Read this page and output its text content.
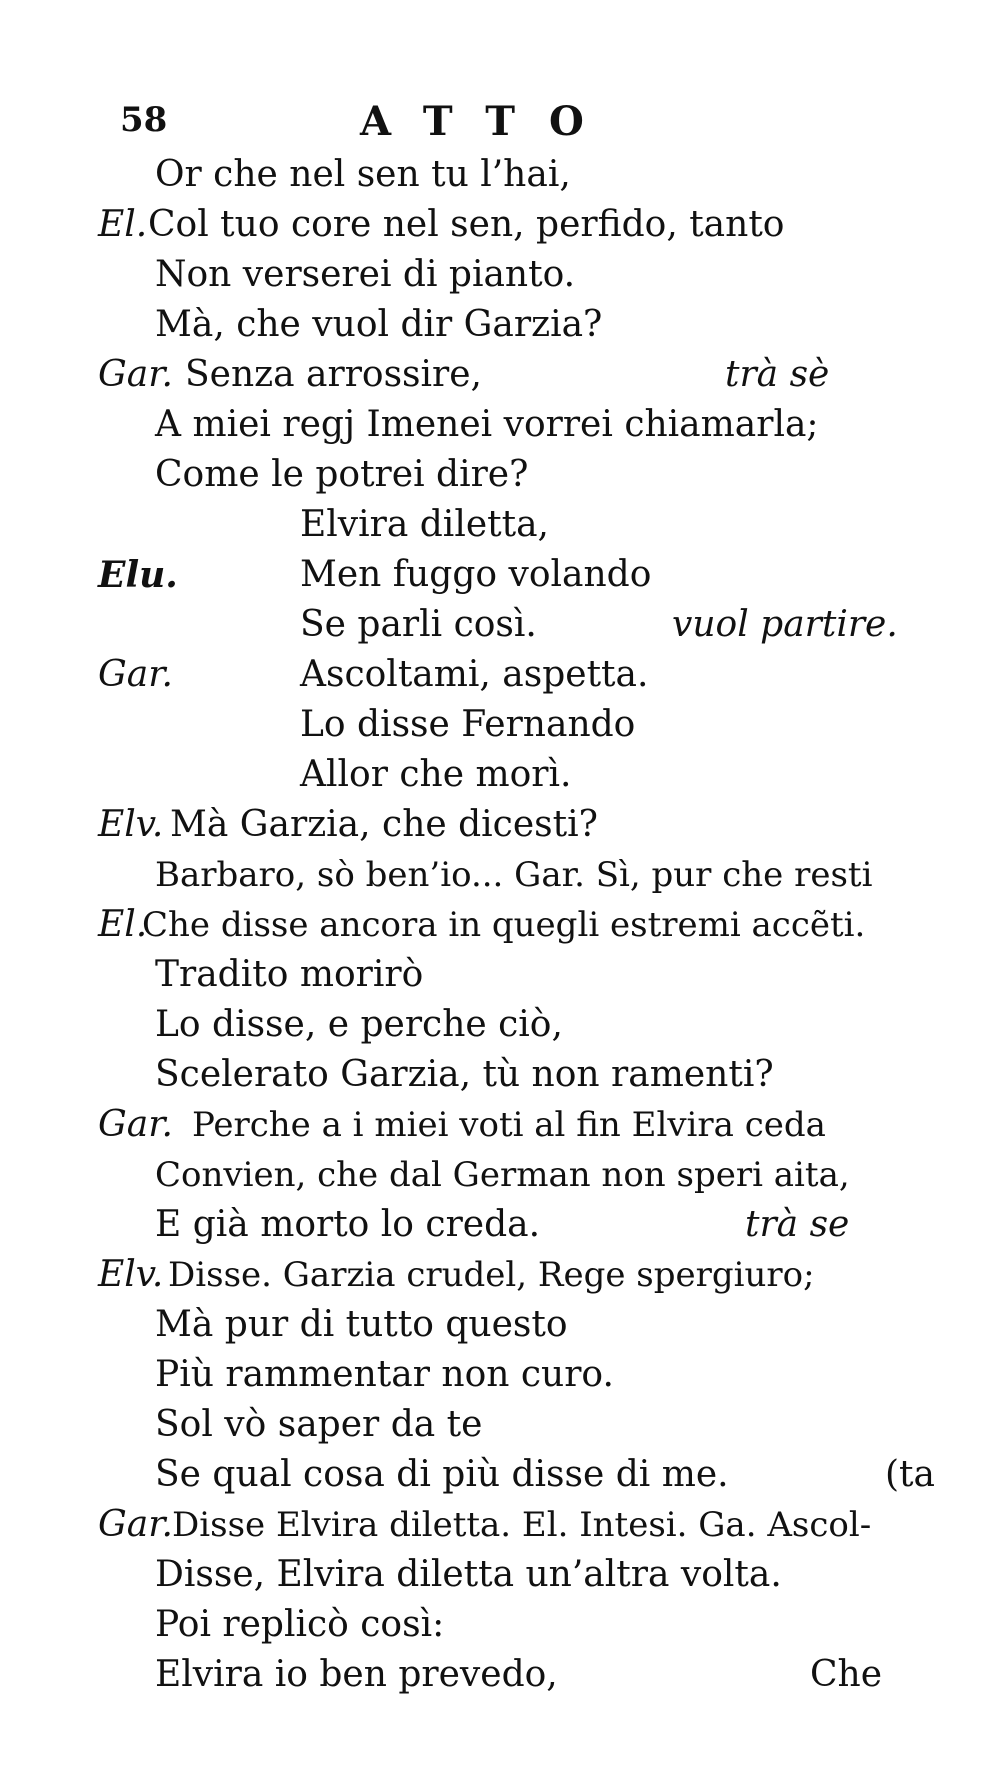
58	ATTO
Or che nel sen tu l’hai,
El. Col tuo core nel sen, perfido, tanto
Non verserei di pianto.
Mà, che vuol dir Garzia?
Gar. Senza arrossire,	trà sè
A miei regj Imenei vorrei chiamarla;
Come le potrei dire?
Elvira diletta,
Elu.	Men fuggo volando
Se parli così.	vuol partire.
Gar.	Ascoltami, aspetta.
Lo disse Fernando
Allor che morì.
Elv. Mà Garzia, che dicesti?
Barbaro, sò ben’io... Gar. Sì, pur che resti
El.
Che disse ancora in quegli estremi accẽti.
Tradito morirò
Lo disse, e perche ciò,
Scelerato Garzia, tù non ramenti?
Gar. Perche a i miei voti al fin Elvira ceda
Convien, che dal German non speri aita,
E già morto lo creda.	trà se
Elv. Disse. Garzia crudel, Rege spergiuro;
Mà pur di tutto questo
Più rammentar non curo.
Sol vò saper da te
Se qual cosa di più disse di me.	(ta
Gar. Disse Elvira diletta. El. Intesi. Ga. Ascol-
Disse, Elvira diletta un’altra volta.
Poi replicò così:
Elvira io ben prevedo,	Che
